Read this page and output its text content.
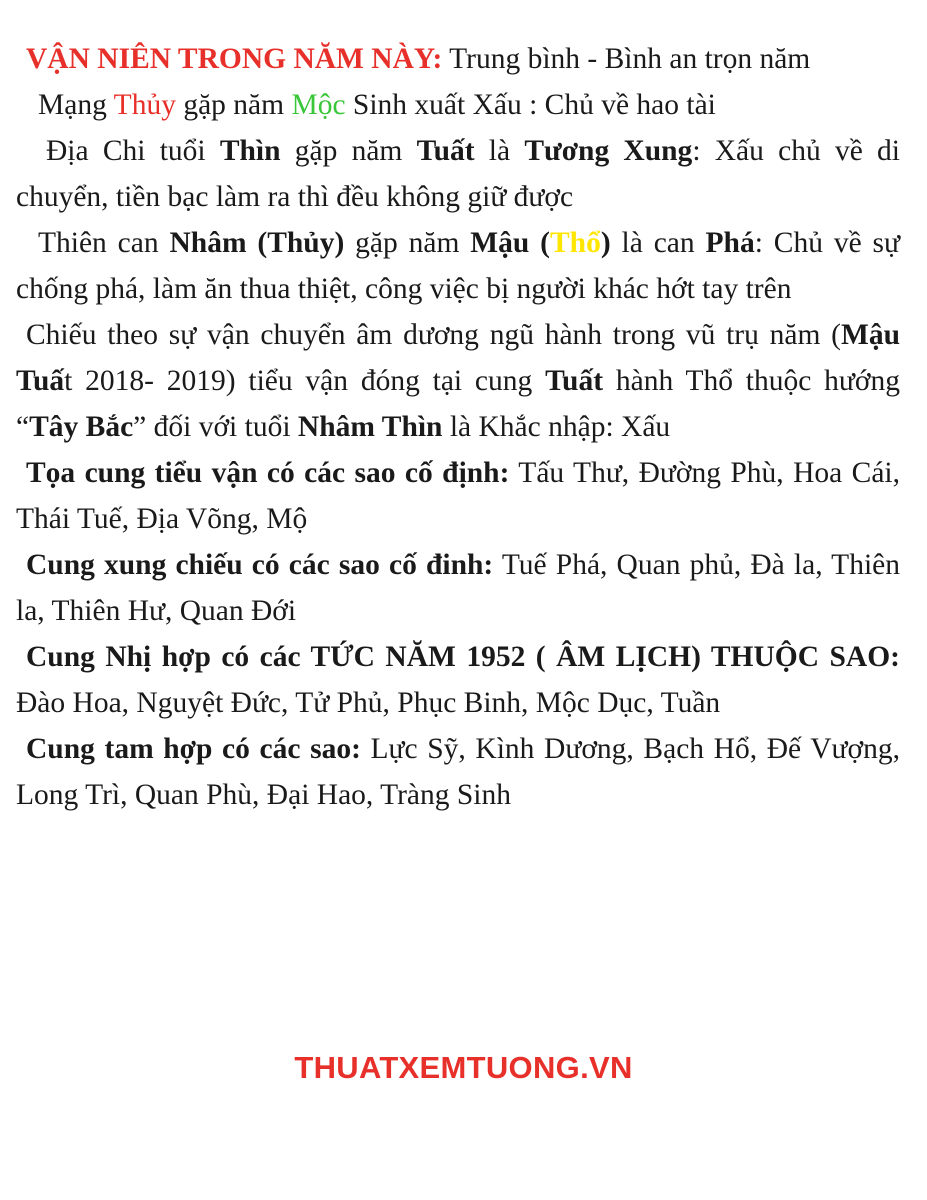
VẬN NIÊN TRONG NĂM NÀY: Trung bình - Bình an trọn năm

Mạng Thủy gặp năm Mộc Sinh xuất Xấu : Chủ về hao tài

Địa Chi tuổi Thìn gặp năm Tuất là Tương Xung: Xấu chủ về di chuyển, tiền bạc làm ra thì đều không giữ được

Thiên can Nhâm (Thủy) gặp năm Mậu (Thổ) là can Phá: Chủ về sự chống phá, làm ăn thua thiệt, công việc bị người khác hớt tay trên

Chiếu theo sự vận chuyển âm dương ngũ hành trong vũ trụ năm (Mậu Tuất 2018- 2019) tiểu vận đóng tại cung Tuất hành Thổ thuộc hướng “Tây Bắc” đối với tuổi Nhâm Thìn là Khắc nhập: Xấu

Tọa cung tiểu vận có các sao cố định: Tấu Thư, Đường Phù, Hoa Cái, Thái Tuế, Địa Võng, Mộ

Cung xung chiếu có các sao cố đinh: Tuế Phá, Quan phủ, Đà la, Thiên la, Thiên Hư, Quan Đới

Cung Nhị hợp có các TỨC NĂM 1952 ( ÂM LỊCH) THUỘC SAO: Đào Hoa, Nguyệt Đức, Tử Phủ, Phục Binh, Mộc Dục, Tuần

Cung tam hợp có các sao: Lực Sỹ, Kình Dương, Bạch Hổ, Đế Vượng, Long Trì, Quan Phù, Đại Hao, Tràng Sinh

THUATXEMTUONG.VN
